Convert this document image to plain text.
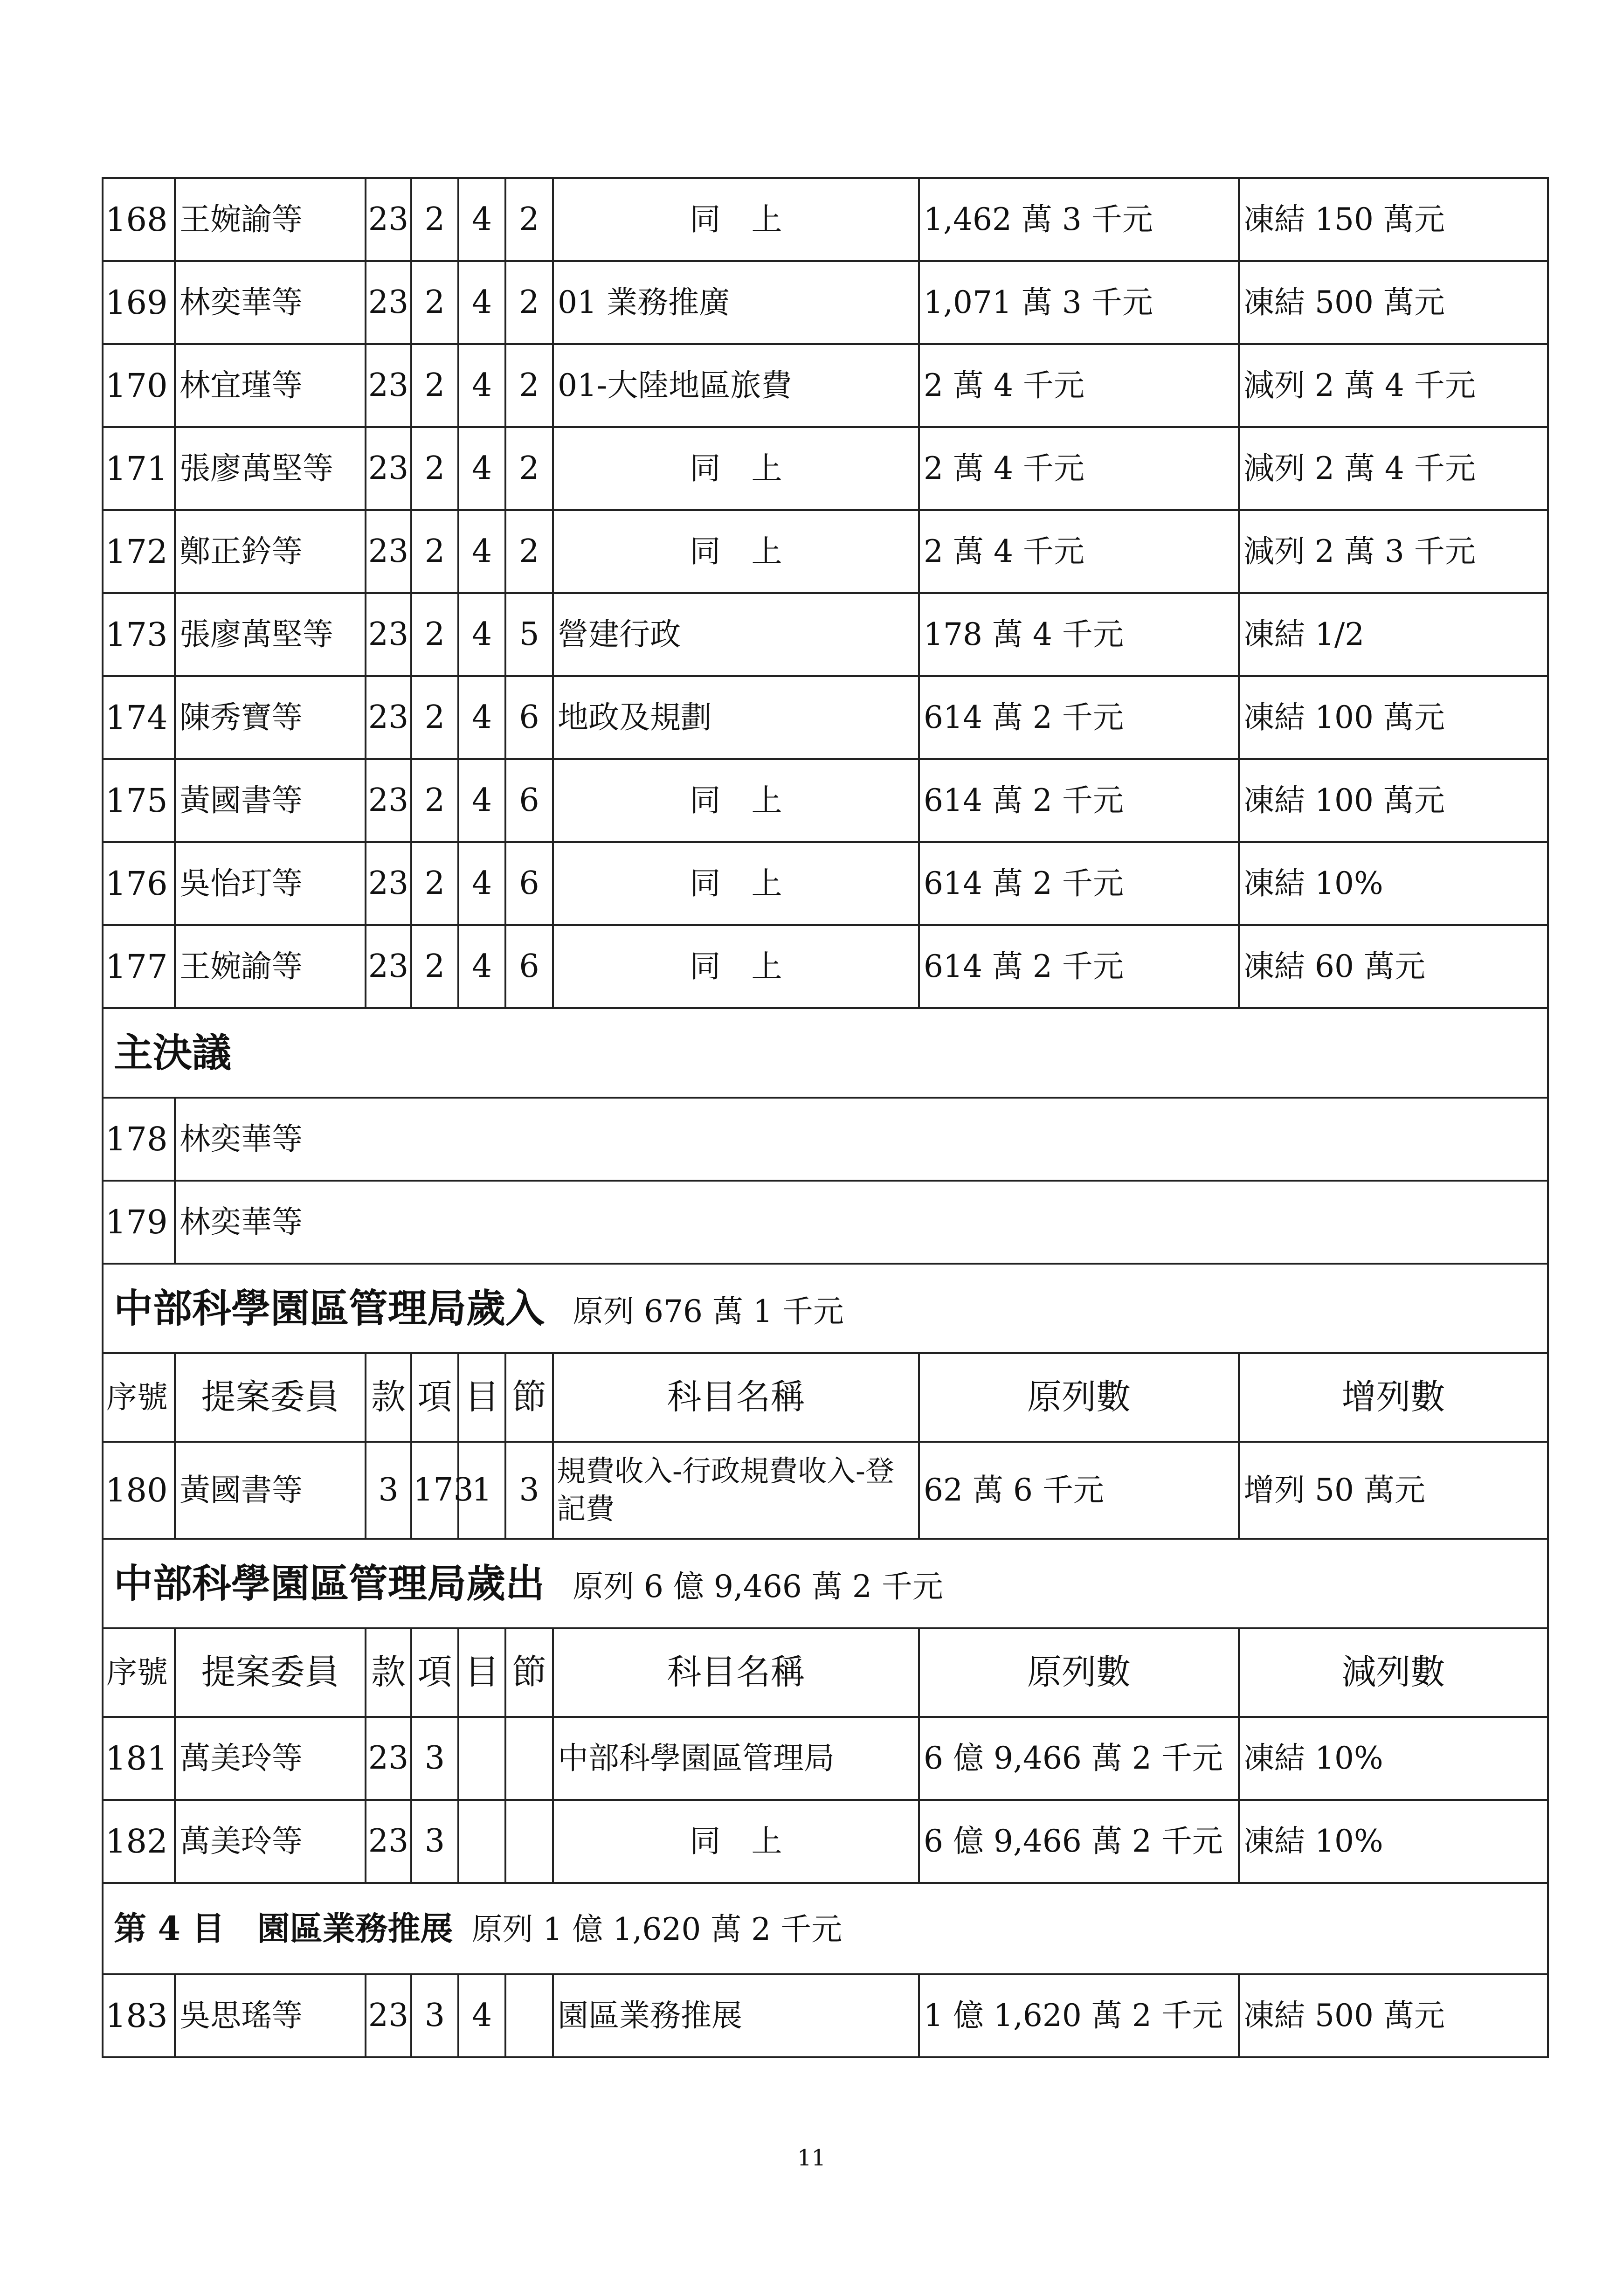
168	王婉諭等	23	2	4	2	同　上	1,462 萬 3 千元	凍結 150 萬元
169	林奕華等	23	2	4	2	01 業務推廣	1,071 萬 3 千元	凍結 500 萬元
170	林宜瑾等	23	2	4	2	01-大陸地區旅費	2 萬 4 千元	減列 2 萬 4 千元
171	張廖萬堅等	23	2	4	2	同　上	2 萬 4 千元	減列 2 萬 4 千元
172	鄭正鈐等	23	2	4	2	同　上	2 萬 4 千元	減列 2 萬 3 千元
173	張廖萬堅等	23	2	4	5	營建行政	178 萬 4 千元	凍結 1/2
174	陳秀寶等	23	2	4	6	地政及規劃	614 萬 2 千元	凍結 100 萬元
175	黃國書等	23	2	4	6	同　上	614 萬 2 千元	凍結 100 萬元
176	吳怡玎等	23	2	4	6	同　上	614 萬 2 千元	凍結 10%
177	王婉諭等	23	2	4	6	同　上	614 萬 2 千元	凍結 60 萬元
主決議								
178	林奕華等							
179	林奕華等							
中部科學園區管理局歲入 原列 676 萬 1 千元								
序號	提案委員	款	項	目	節	科目名稱	原列數	增列數
180	黃國書等	3	173	1	3	規費收入-行政規費收入-登記費	62 萬 6 千元	增列 50 萬元
中部科學園區管理局歲出 原列 6 億 9,466 萬 2 千元								
序號	提案委員	款	項	目	節	科目名稱	原列數	減列數
181	萬美玲等	23	3			中部科學園區管理局	6 億 9,466 萬 2 千元	凍結 10%
182	萬美玲等	23	3			同　上	6 億 9,466 萬 2 千元	凍結 10%
第 4 目　園區業務推展 原列 1 億 1,620 萬 2 千元								
183	吳思瑤等	23	3	4		園區業務推展	1 億 1,620 萬 2 千元	凍結 500 萬元
11
